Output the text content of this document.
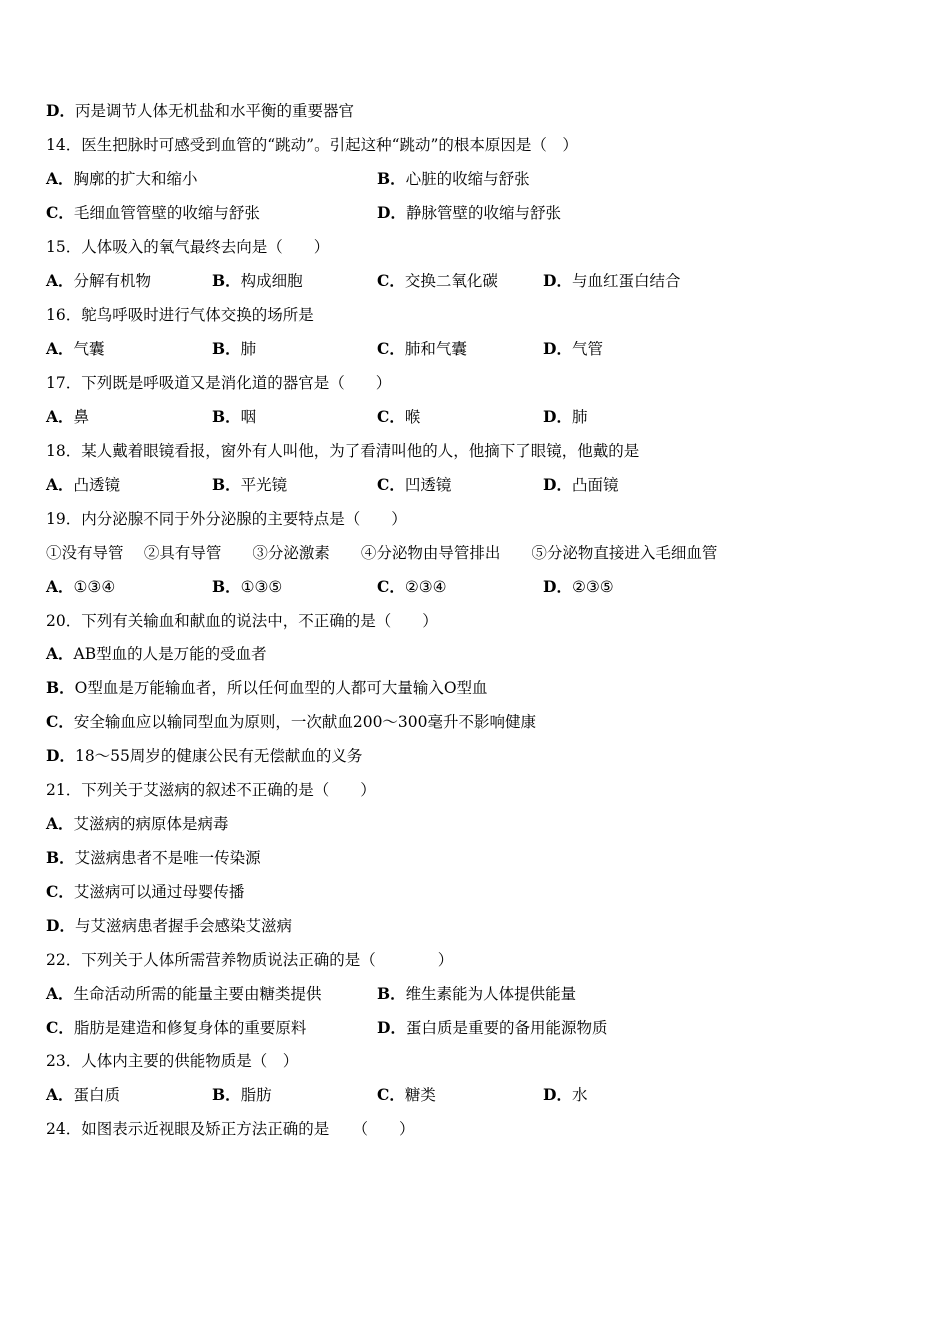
D．丙是调节人体无机盐和水平衡的重要器官
14．医生把脉时可感受到血管的“跳动”。引起这种“跳动”的根本原因是（　）
A．胸廓的扩大和缩小	B．心脏的收缩与舒张
C．毛细血管管壁的收缩与舒张	D．静脉管壁的收缩与舒张
15．人体吸入的氧气最终去向是（　　）
A．分解有机物	B．构成细胞	C．交换二氧化碳	D．与血红蛋白结合
16．鸵鸟呼吸时进行气体交换的场所是
A．气囊	B．肺	C．肺和气囊	D．气管
17．下列既是呼吸道又是消化道的器官是（　　）
A．鼻	B．咽	C．喉	D．肺
18．某人戴着眼镜看报，窗外有人叫他，为了看清叫他的人，他摘下了眼镜，他戴的是
A．凸透镜	B．平光镜	C．凹透镜	D．凸面镜
19．内分泌腺不同于外分泌腺的主要特点是（　　）
①没有导管　 ②具有导管　　③分泌激素　　④分泌物由导管排出　　⑤分泌物直接进入毛细血管
A．①③④	B．①③⑤	C．②③④	D．②③⑤
20．下列有关输血和献血的说法中，不正确的是（　　）
A．AB型血的人是万能的受血者
B．O型血是万能输血者，所以任何血型的人都可大量输入O型血
C．安全输血应以输同型血为原则，一次献血200～300毫升不影响健康
D．18～55周岁的健康公民有无偿献血的义务
21．下列关于艾滋病的叙述不正确的是（　　）
A．艾滋病的病原体是病毒
B．艾滋病患者不是唯一传染源
C．艾滋病可以通过母婴传播
D．与艾滋病患者握手会感染艾滋病
22．下列关于人体所需营养物质说法正确的是（　　　　）
A．生命活动所需的能量主要由糖类提供	B．维生素能为人体提供能量
C．脂肪是建造和修复身体的重要原料	D．蛋白质是重要的备用能源物质
23．人体内主要的供能物质是（　）
A．蛋白质	B．脂肪	C．糖类	D．水
24．如图表示近视眼及矫正方法正确的是　　（　　）
